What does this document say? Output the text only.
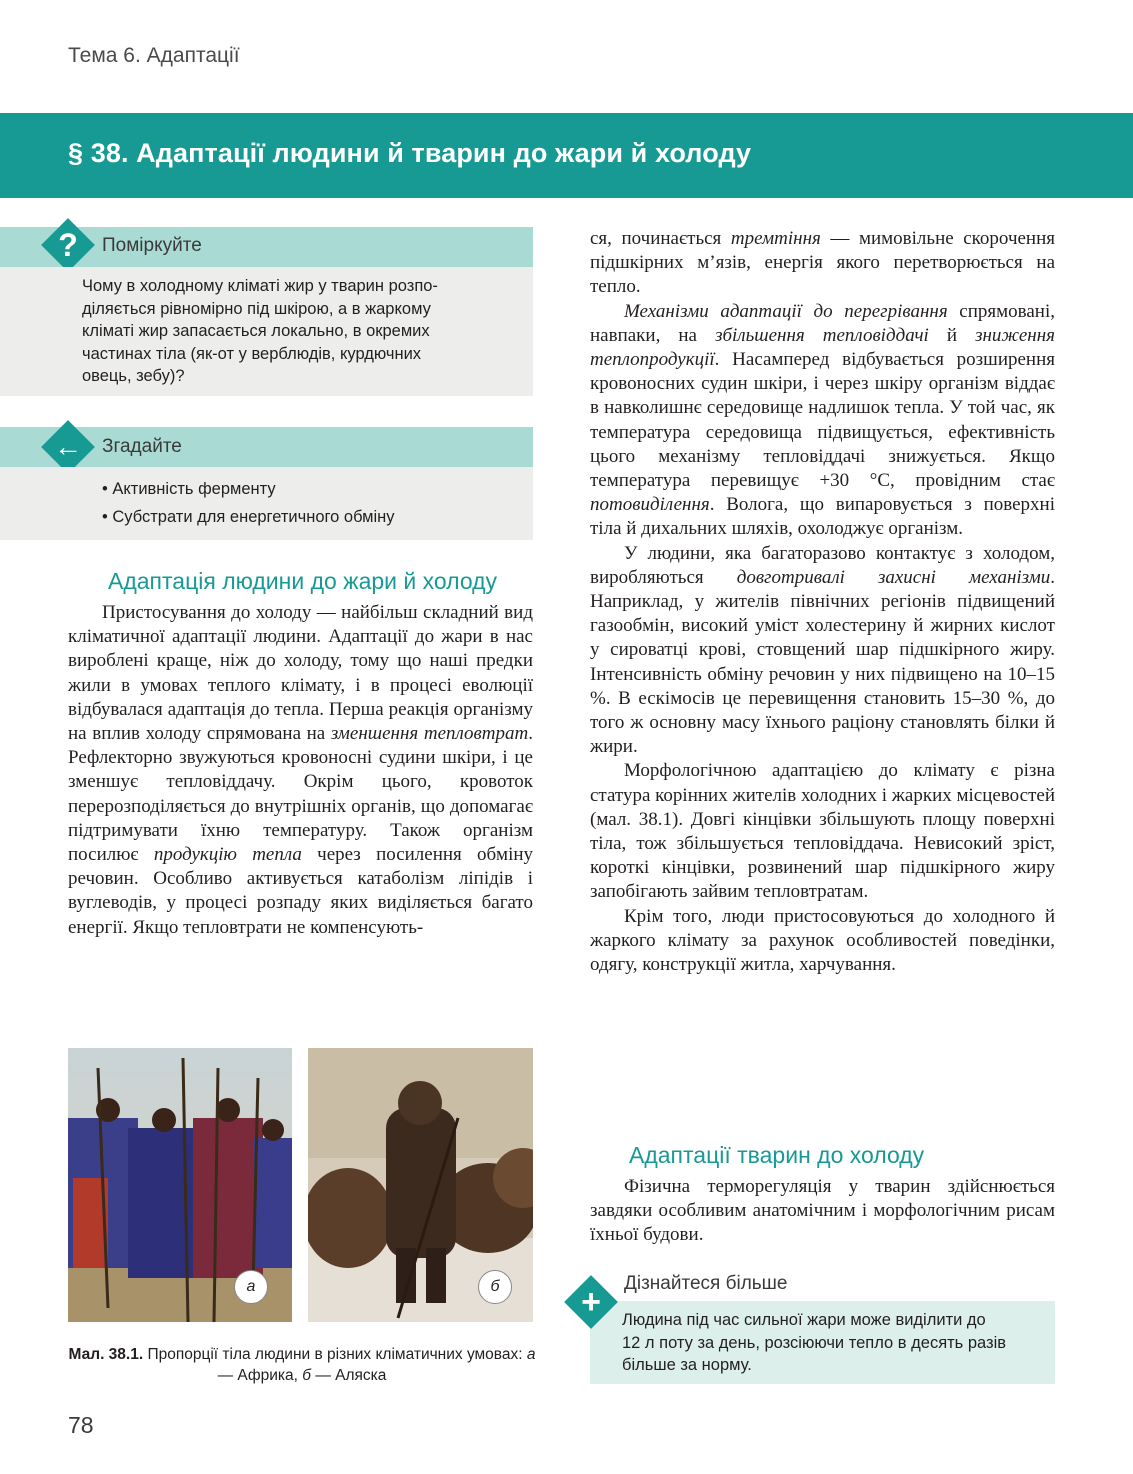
Тема 6. Адаптації
§ 38. Адаптації людини й тварин до жари й холоду
?	Поміркуйте
Чому в холодному кліматі жир у тварин розпо-
діляється рівномірно під шкірою, а в жаркому
кліматі жир запасається локально, в окремих
частинах тіла (як-от у верблюдів, курдючних
овець, зебу)?
←	Згадайте
• Активність ферменту
• Субстрати для енергетичного обміну
Адаптація людини до жари й холоду

Пристосування до холоду — найбільш складний вид кліматичної адаптації людини. Адаптації до жари в нас вироблені краще, ніж до холоду, тому що наші предки жили в умовах теплого клімату, і в процесі еволюції відбувалася адаптація до тепла. Перша реакція організму на вплив холоду спрямована на зменшення тепловтрат. Рефлекторно звужуються кровоносні судини шкіри, і це зменшує тепловіддачу. Окрім цього, кровоток перерозподіляється до внутрішніх органів, що допомагає підтримувати їхню температуру. Також організм посилює продукцію тепла через посилення обміну речовин. Особливо активується катаболізм ліпідів і вуглеводів, у процесі розпаду яких виділяється багато енергії. Якщо тепловтрати не компенсують-

а	б
Мал. 38.1. Пропорції тіла людини в різних кліматичних умовах: а — Африка, б — Аляска
78

ся, починається тремтіння — мимовільне скорочення підшкірних м’язів, енергія якого перетворюється на тепло.

Механізми адаптації до перегрівання спрямовані, навпаки, на збільшення тепловіддачі й зниження теплопродукції. Насамперед відбувається розширення кровоносних судин шкіри, і через шкіру організм віддає в навколишнє середовище надлишок тепла. У той час, як температура середовища підвищується, ефективність цього механізму тепловіддачі знижується. Якщо температура перевищує +30 °С, провідним стає потовиділення. Волога, що випаровується з поверхні тіла й дихальних шляхів, охолоджує організм.

У людини, яка багаторазово контактує з холодом, виробляються довготривалі захисні механізми. Наприклад, у жителів північних регіонів підвищений газообмін, високий уміст холестерину й жирних кислот у сироватці крові, стовщений шар підшкірного жиру. Інтенсивність обміну речовин у них підвищено на 10–15 %. В ескімосів це перевищення становить 15–30 %, до того ж основну масу їхнього раціону становлять білки й жири.

Морфологічною адаптацією до клімату є різна статура корінних жителів холодних і жарких місцевостей (мал. 38.1). Довгі кінцівки збільшують площу поверхні тіла, тож збільшується тепловіддача. Невисокий зріст, короткі кінцівки, розвинений шар підшкірного жиру запобігають зайвим тепловтратам.

Крім того, люди пристосовуються до холодного й жаркого клімату за рахунок особливостей поведінки, одягу, конструкції житла, харчування.

Адаптації тварин до холоду

Фізична терморегуляція у тварин здійснюється завдяки особливим анатомічним і морфологічним рисам їхньої будови.

+	Дізнайтеся більше
Людина під час сильної жари може виділити до
12 л поту за день, розсіюючи тепло в десять разів
більше за норму.
